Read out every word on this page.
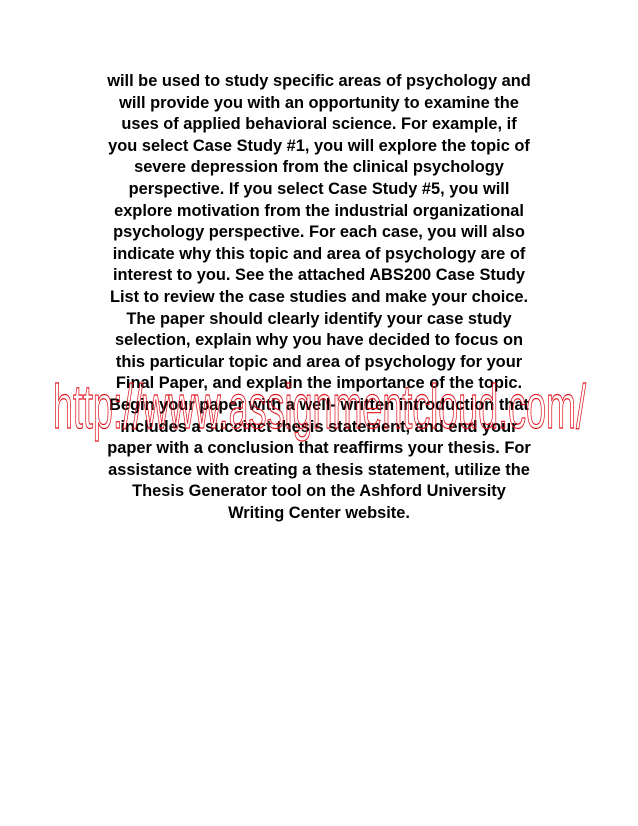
will be used to study specific areas of psychology and
will provide you with an opportunity to examine the
uses of applied behavioral science. For example, if
you select Case Study #1, you will explore the topic of
severe depression from the clinical psychology
perspective. If you select Case Study #5, you will
explore motivation from the industrial organizational
psychology perspective. For each case, you will also
indicate why this topic and area of psychology are of
interest to you. See the attached ABS200 Case Study
List to review the case studies and make your choice.
The paper should clearly identify your case study
selection, explain why you have decided to focus on
this particular topic and area of psychology for your
Final Paper, and explain the importance of the topic.
Begin your paper with a well- written introduction that
includes a succinct thesis statement, and end your
paper with a conclusion that reaffirms your thesis. For
assistance with creating a thesis statement, utilize the
Thesis Generator tool on the Ashford University
Writing Center website.

http://www.assignmentcloud.com/
